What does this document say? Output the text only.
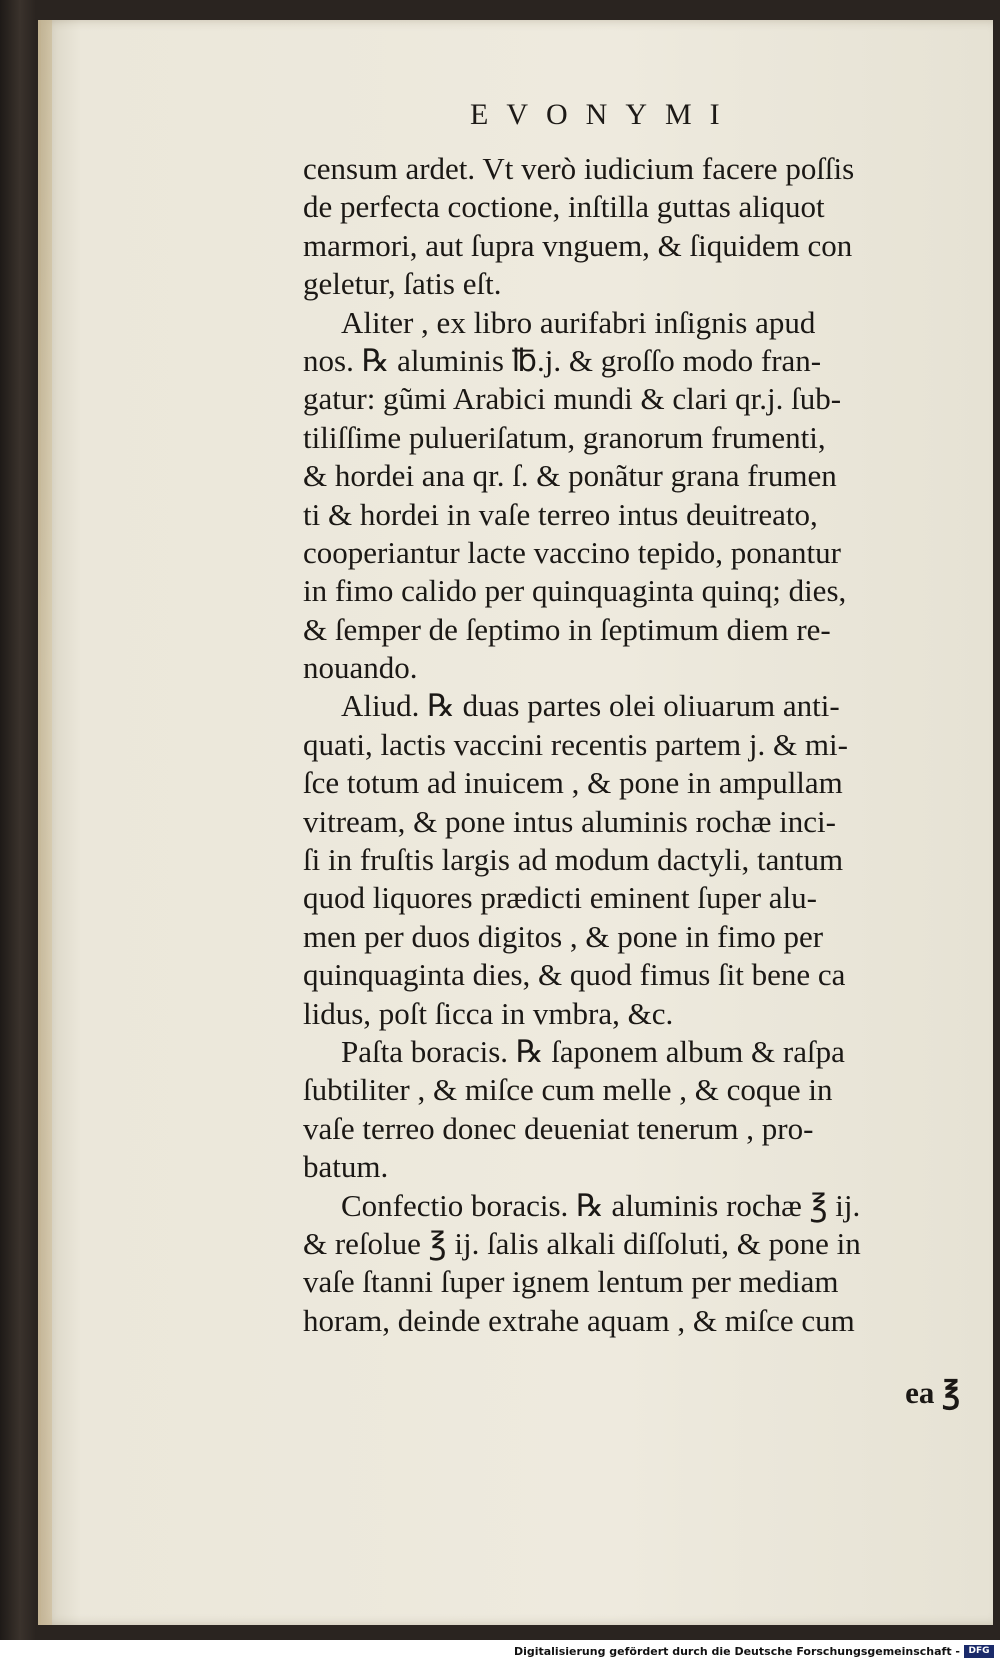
EVONYMI
censum ardet. Vt verò iudicium facere poſſis
de perfecta coctione, inſtilla guttas aliquot
marmori, aut ſupra vnguem, & ſiquidem con
geletur, ſatis eſt.
Aliter , ex libro aurifabri inſignis apud
nos. ℞ aluminis ℔.j. & groſſo modo fran-
gatur: gũmi Arabici mundi & clari qr.j. ſub-
tiliſſime pulueriſatum, granorum frumenti,
& hordei ana qr. ſ. & ponãtur grana frumen
ti & hordei in vaſe terreo intus deuitreato,
cooperiantur lacte vaccino tepido, ponantur
in fimo calido per quinquaginta quinq; dies,
& ſemper de ſeptimo in ſeptimum diem re-
nouando.
Aliud. ℞ duas partes olei oliuarum anti-
quati, lactis vaccini recentis partem j. & mi-
ſce totum ad inuicem , & pone in ampullam
vitream, & pone intus aluminis rochæ inci-
ſi in fruſtis largis ad modum dactyli, tantum
quod liquores prædicti eminent ſuper alu-
men per duos digitos , & pone in fimo per
quinquaginta dies, & quod fimus ſit bene ca
lidus, poſt ſicca in vmbra, &c.
Paſta boracis. ℞ ſaponem album & raſpa
ſubtiliter , & miſce cum melle , & coque in
vaſe terreo donec deueniat tenerum , pro-
batum.
Confectio boracis. ℞ aluminis rochæ ℥ ij.
& reſolue ℥ ij. ſalis alkali diſſoluti, & pone in
vaſe ſtanni ſuper ignem lentum per mediam
horam, deinde extrahe aquam , & miſce cum
ea ℥
Digitalisierung gefördert durch die Deutsche Forschungsgemeinschaft - DFG
